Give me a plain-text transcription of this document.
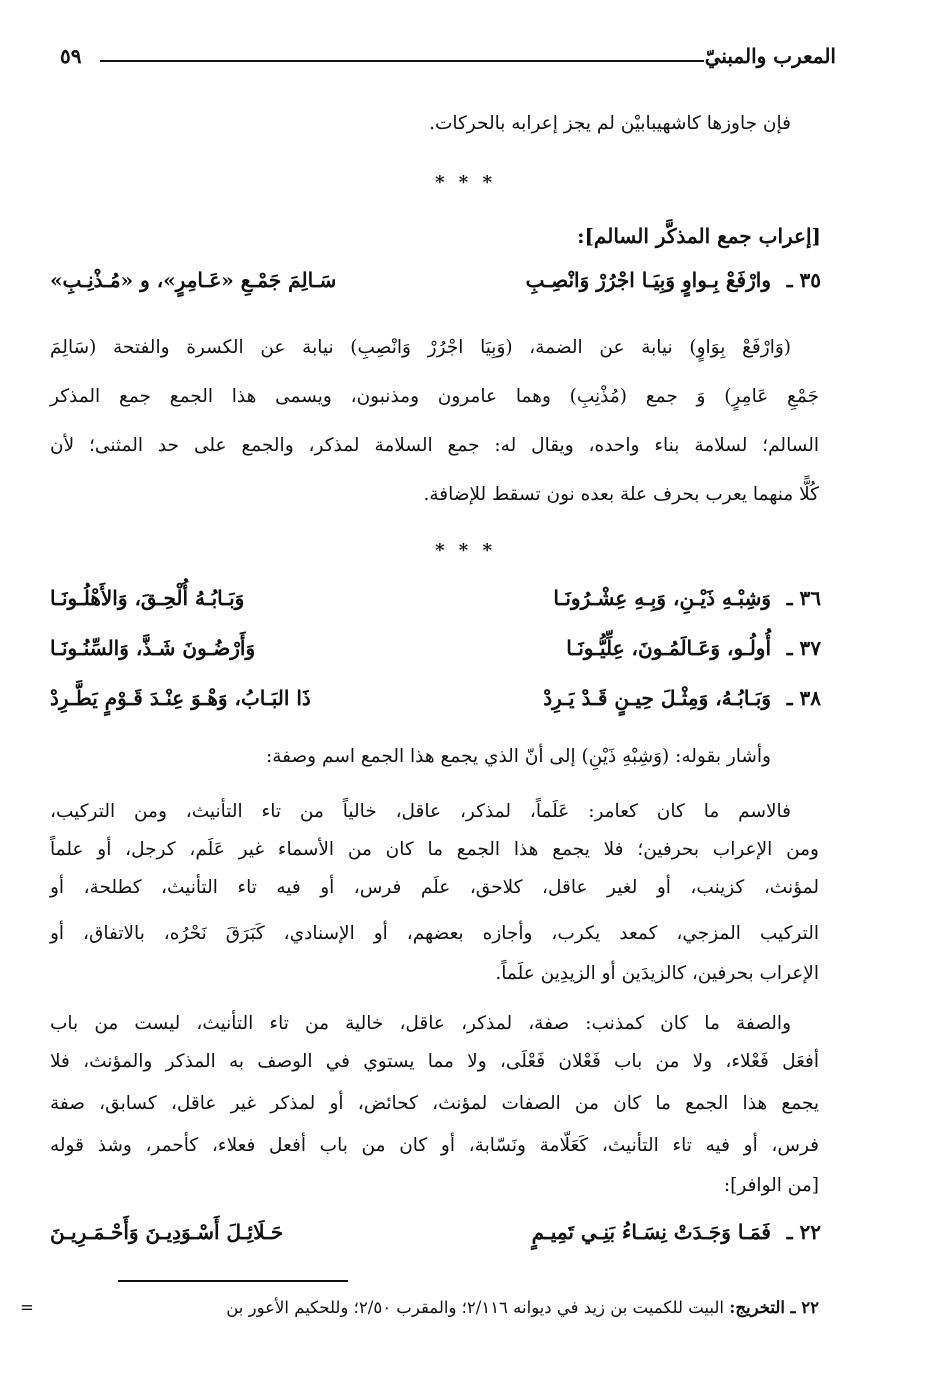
المعرب والمبنيّ
٥٩
فإن جاوزها كاشهيبابيْن لم يجز إعرابه بالحركات.
* * *
[إعراب جمع المذكَّر السالم]:
٣٥ ـ
وارْفَعْ بِـواوٍ وَبِيَـا اجْرُرْ وَانْصِـبِ
سَـالِمَ جَمْـعِ «عَـامِرٍ»، و «مُـذْنِـبِ»
(وَارْفَعْ بِوَاوٍ) نيابة عن الضمة، (وَبِيَا اجْرُرْ وَانْصِبِ) نيابة عن الكسرة والفتحة (سَالِمَ
جَمْعِ عَامِرٍ) وَ جمع (مُذْنِبِ) وهما عامرون ومذنبون، ويسمى هذا الجمع جمع المذكر
السالم؛ لسلامة بناء واحده، ويقال له: جمع السلامة لمذكر، والجمع على حد المثنى؛ لأن
كُلًّا منهما يعرب بحرف علة بعده نون تسقط للإضافة.
* * *
٣٦ ـ
وَشِبْـهِ ذَيْـنِ، وَبِـهِ عِشْـرُونَـا
وَبَـابُـهُ أُلْحِـقَ، وَالأَهْلُـونَـا
٣٧ ـ
أُولُـو، وَعَـالَمُـونَ، عِلِّيُّـونَـا
وَأَرْضُـونَ شَـذَّ، وَالسِّنُـونَـا
٣٨ ـ
وَبَـابُـهُ، وَمِثْـلَ حِيـنٍ قَـدْ يَـرِدْ
ذَا البَـابُ، وَهْـوَ عِنْـدَ قَـوْمٍ يَطَّـرِدْ
وأشار بقوله: (وَشِبْهِ ذَيْنِ) إلى أنّ الذي يجمع هذا الجمع اسم وصفة:
فالاسم ما كان كعامر: عَلَماً، لمذكر، عاقل، خالياً من تاء التأنيث، ومن التركيب،
ومن الإعراب بحرفين؛ فلا يجمع هذا الجمع ما كان من الأسماء غير عَلَم، كرجل، أو علماً
لمؤنث، كزينب، أو لغير عاقل، كلاحق، علَم فرس، أو فيه تاء التأنيث، كطلحة، أو
التركيب المزجي، كمعد يكرب، وأجازه بعضهم، أو الإسنادي، كَبَرَقَ نَحْرُه، بالاتفاق، أو
الإعراب بحرفين، كالزيدَين أو الزيدِين علَماً.
والصفة ما كان كمذنب: صفة، لمذكر، عاقل، خالية من تاء التأنيث، ليست من باب
أفعَل فَعْلاء، ولا من باب فَعْلان فَعْلَى، ولا مما يستوي في الوصف به المذكر والمؤنث، فلا
يجمع هذا الجمع ما كان من الصفات لمؤنث، كحائض، أو لمذكر غير عاقل، كسابق، صفة
فرس، أو فيه تاء التأنيث، كَعَلّامة ونَسّابة، أو كان من باب أفعل فعلاء، كأحمر، وشذ قوله
[من الوافر]:
٢٢ ـ
فَمَـا وَجَـدَتْ نِسَـاءُ بَنِـي تَمِيـمٍ
حَـلَائِـلَ أَسْـوَدِيـنَ وَأَحْـمَـرِيـنَ
٢٢ ـ التخريج: البيت للكميت بن زيد في ديوانه ٢/١١٦؛ والمقرب ٢/٥٠؛ وللحكيم الأعور بن
=
